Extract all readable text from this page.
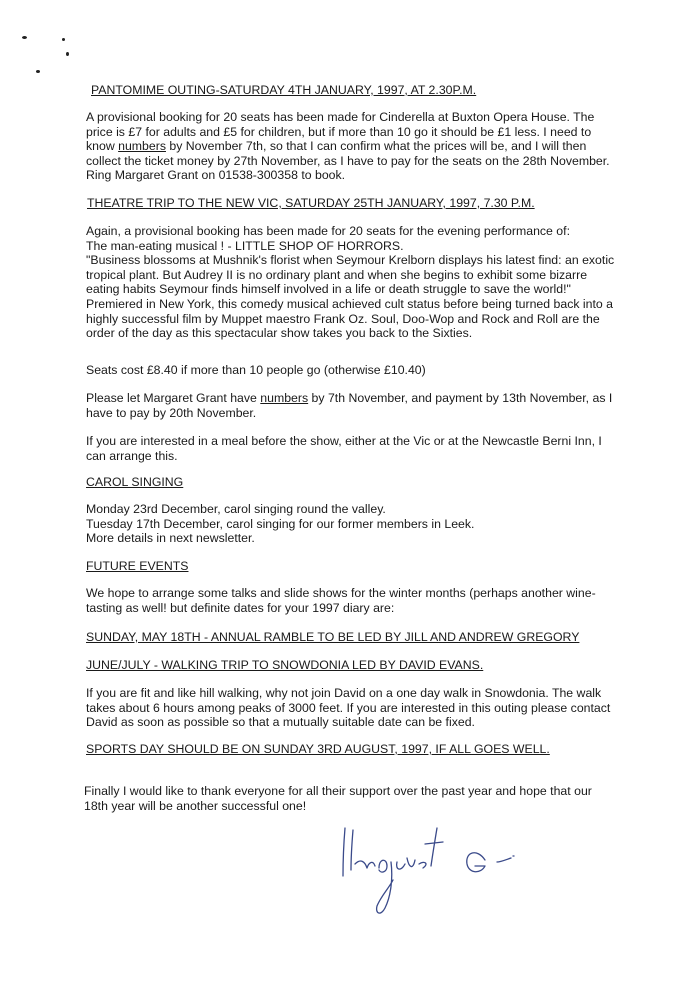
PANTOMIME OUTING-SATURDAY 4TH JANUARY, 1997, AT 2.30P.M.

A provisional booking for 20 seats has been made for Cinderella at Buxton Opera House. The price is £7 for adults and £5 for children, but if more than 10 go it should be £1 less. I need to know numbers by November 7th, so that I can confirm what the prices will be, and I will then collect the ticket money by 27th November, as I have to pay for the seats on the 28th November. Ring Margaret Grant on 01538-300358 to book.

THEATRE TRIP TO THE NEW VIC, SATURDAY 25TH JANUARY, 1997, 7.30 P.M.

Again, a provisional booking has been made for 20 seats for the evening performance of:

The man-eating musical ! - LITTLE SHOP OF HORRORS.

"Business blossoms at Mushnik's florist when Seymour Krelborn displays his latest find: an exotic tropical plant. But Audrey II is no ordinary plant and when she begins to exhibit some bizarre eating habits Seymour finds himself involved in a life or death struggle to save the world!"

Premiered in New York, this comedy musical achieved cult status before being turned back into a highly successful film by Muppet maestro Frank Oz. Soul, Doo-Wop and Rock and Roll are the order of the day as this spectacular show takes you back to the Sixties.

Seats cost £8.40 if more than 10 people go (otherwise £10.40)

Please let Margaret Grant have numbers by 7th November, and payment by 13th November, as I have to pay by 20th November.

If you are interested in a meal before the show, either at the Vic or at the Newcastle Berni Inn, I can arrange this.

CAROL SINGING

Monday 23rd December, carol singing round the valley.

Tuesday 17th December, carol singing for our former members in Leek.

More details in next newsletter.

FUTURE EVENTS

We hope to arrange some talks and slide shows for the winter months (perhaps another wine-tasting as well! but definite dates for your 1997 diary are:

SUNDAY, MAY 18TH - ANNUAL RAMBLE TO BE LED BY JILL AND ANDREW GREGORY
JUNE/JULY - WALKING TRIP TO SNOWDONIA LED BY DAVID EVANS.

If you are fit and like hill walking, why not join David on a one day walk in Snowdonia. The walk takes about 6 hours among peaks of 3000 feet. If you are interested in this outing please contact David as soon as possible so that a mutually suitable date can be fixed.

SPORTS DAY SHOULD BE ON SUNDAY 3RD AUGUST, 1997, IF ALL GOES WELL.

Finally I would like to thank everyone for all their support over the past year and hope that our 18th year will be another successful one!
